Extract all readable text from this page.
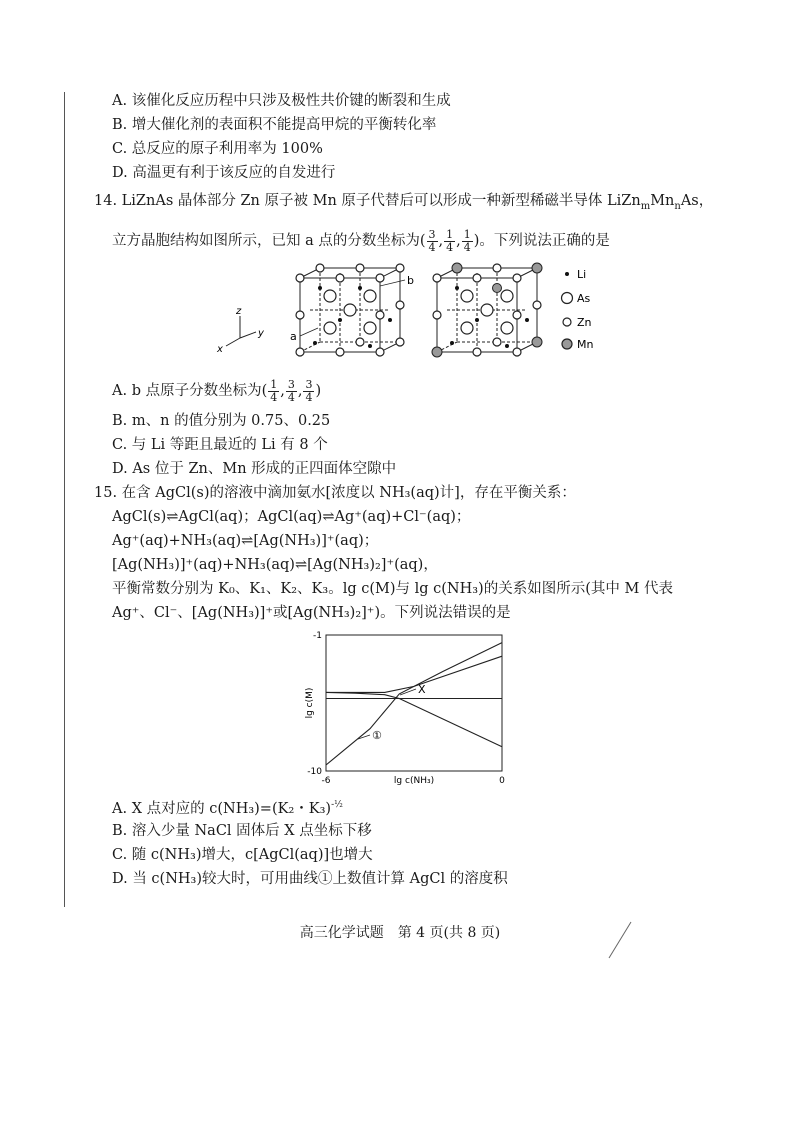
A. 该催化反应历程中只涉及极性共价键的断裂和生成
B. 增大催化剂的表面积不能提高甲烷的平衡转化率
C. 总反应的原子利用率为 100%
D. 高温更有利于该反应的自发进行
14. LiZnAs 晶体部分 Zn 原子被 Mn 原子代替后可以形成一种新型稀磁半导体 $LiZn_mMn_nAs$，
立方晶胞结构如图所示，已知 a 点的分数坐标为( $\frac{3}{4}$ , $\frac{1}{4}$ , $\frac{1}{4}$ )。下列说法正确的是
z
y
x
b
a
Li
As
Zn
Mn
A. b 点原子分数坐标为( $\frac{1}{4}$ , $\frac{3}{4}$ , $\frac{3}{4}$ )
B. m、n 的值分别为 0.75、0.25
C. 与 Li 等距且最近的 Li 有 8 个
D. As 位于 Zn、Mn 形成的正四面体空隙中
15. 在含 AgCl(s)的溶液中滴加氨水[浓度以 NH₃(aq)计]，存在平衡关系：
AgCl(s)⇌AgCl(aq)；AgCl(aq)⇌Ag⁺(aq)+Cl⁻(aq)；
Ag⁺(aq)+NH₃(aq)⇌[Ag(NH₃)]⁺(aq)；
[Ag(NH₃)]⁺(aq)+NH₃(aq)⇌[Ag(NH₃)₂]⁺(aq)，
平衡常数分别为 K₀、K₁、K₂、K₃。lg c(M)与 lg c(NH₃)的关系如图所示(其中 M 代表
Ag⁺、Cl⁻、[Ag(NH₃)]⁺或[Ag(NH₃)₂]⁺)。下列说法错误的是
-1
-10
-6	0
lg c(NH₃)
lg c(M)	X
①
A. X 点对应的 c(NH₃)=(K₂・K₃)$^{-\frac{1}{2}}$
B. 溶入少量 NaCl 固体后 X 点坐标下移
C. 随 c(NH₃)增大，c[AgCl(aq)]也增大
D. 当 c(NH₃)较大时，可用曲线①上数值计算 AgCl 的溶度积
高三化学试题　第 4 页(共 8 页)
